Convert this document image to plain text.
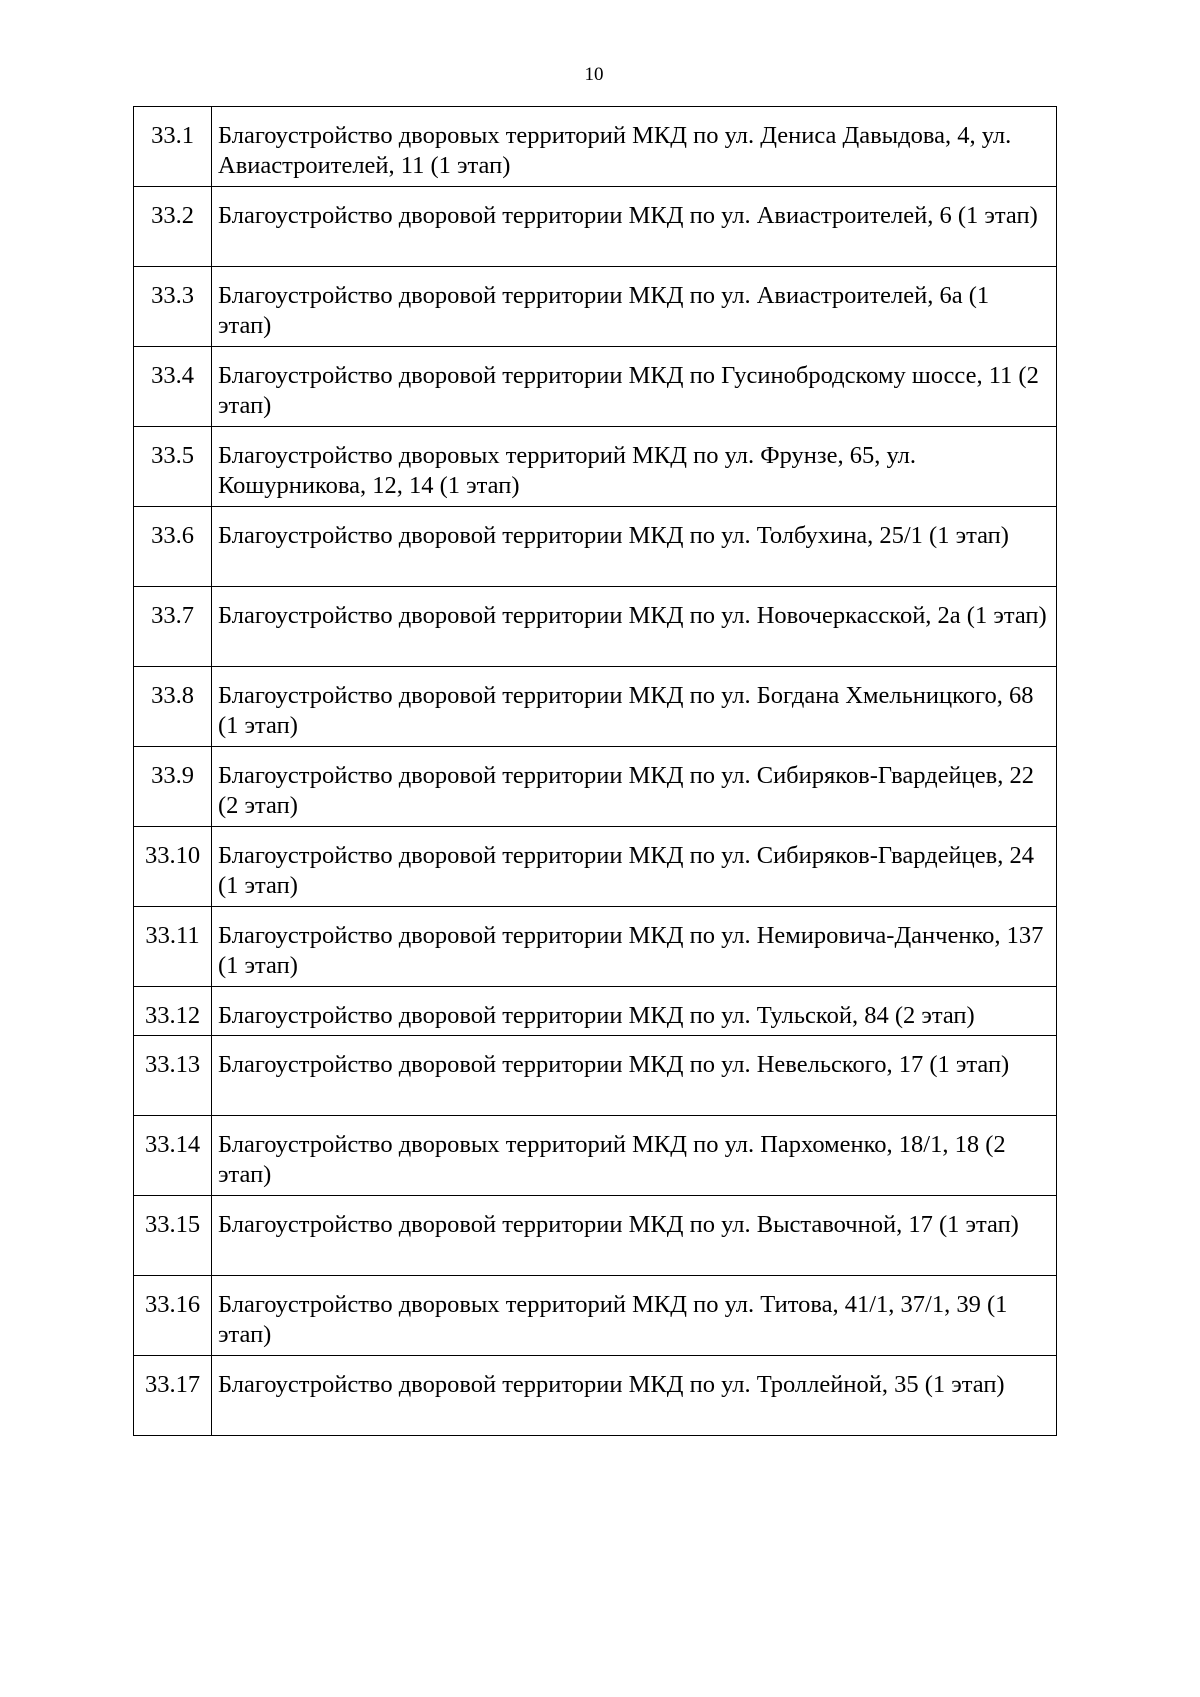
10
33.1	Благоустройство дворовых территорий МКД по ул. Дениса Давыдова, 4, ул. Авиастроителей, 11 (1 этап)
33.2	Благоустройство дворовой территории МКД по ул. Авиастроителей, 6 (1 этап)
33.3	Благоустройство дворовой территории МКД по ул. Авиастроителей, 6а (1 этап)
33.4	Благоустройство дворовой территории МКД по Гусинобродскому шоссе, 11 (2 этап)
33.5	Благоустройство дворовых территорий МКД по ул. Фрунзе, 65, ул. Кошурникова, 12, 14 (1 этап)
33.6	Благоустройство дворовой территории МКД по ул. Толбухина, 25/1 (1 этап)
33.7	Благоустройство дворовой территории МКД по ул. Новочеркасской, 2а (1 этап)
33.8	Благоустройство дворовой территории МКД по ул. Богдана Хмельницкого, 68 (1 этап)
33.9	Благоустройство дворовой территории МКД по ул. Сибиряков-Гвардейцев, 22 (2 этап)
33.10	Благоустройство дворовой территории МКД по ул. Сибиряков-Гвардейцев, 24 (1 этап)
33.11	Благоустройство дворовой территории МКД по ул. Немировича-Данченко, 137 (1 этап)
33.12	Благоустройство дворовой территории МКД по ул. Тульской, 84 (2 этап)
33.13	Благоустройство дворовой территории МКД по ул. Невельского, 17 (1 этап)
33.14	Благоустройство дворовых территорий МКД по ул. Пархоменко, 18/1, 18 (2 этап)
33.15	Благоустройство дворовой территории МКД по ул. Выставочной, 17 (1 этап)
33.16	Благоустройство дворовых территорий МКД по ул. Титова, 41/1, 37/1, 39 (1 этап)
33.17	Благоустройство дворовой территории МКД по ул. Троллейной, 35 (1 этап)
